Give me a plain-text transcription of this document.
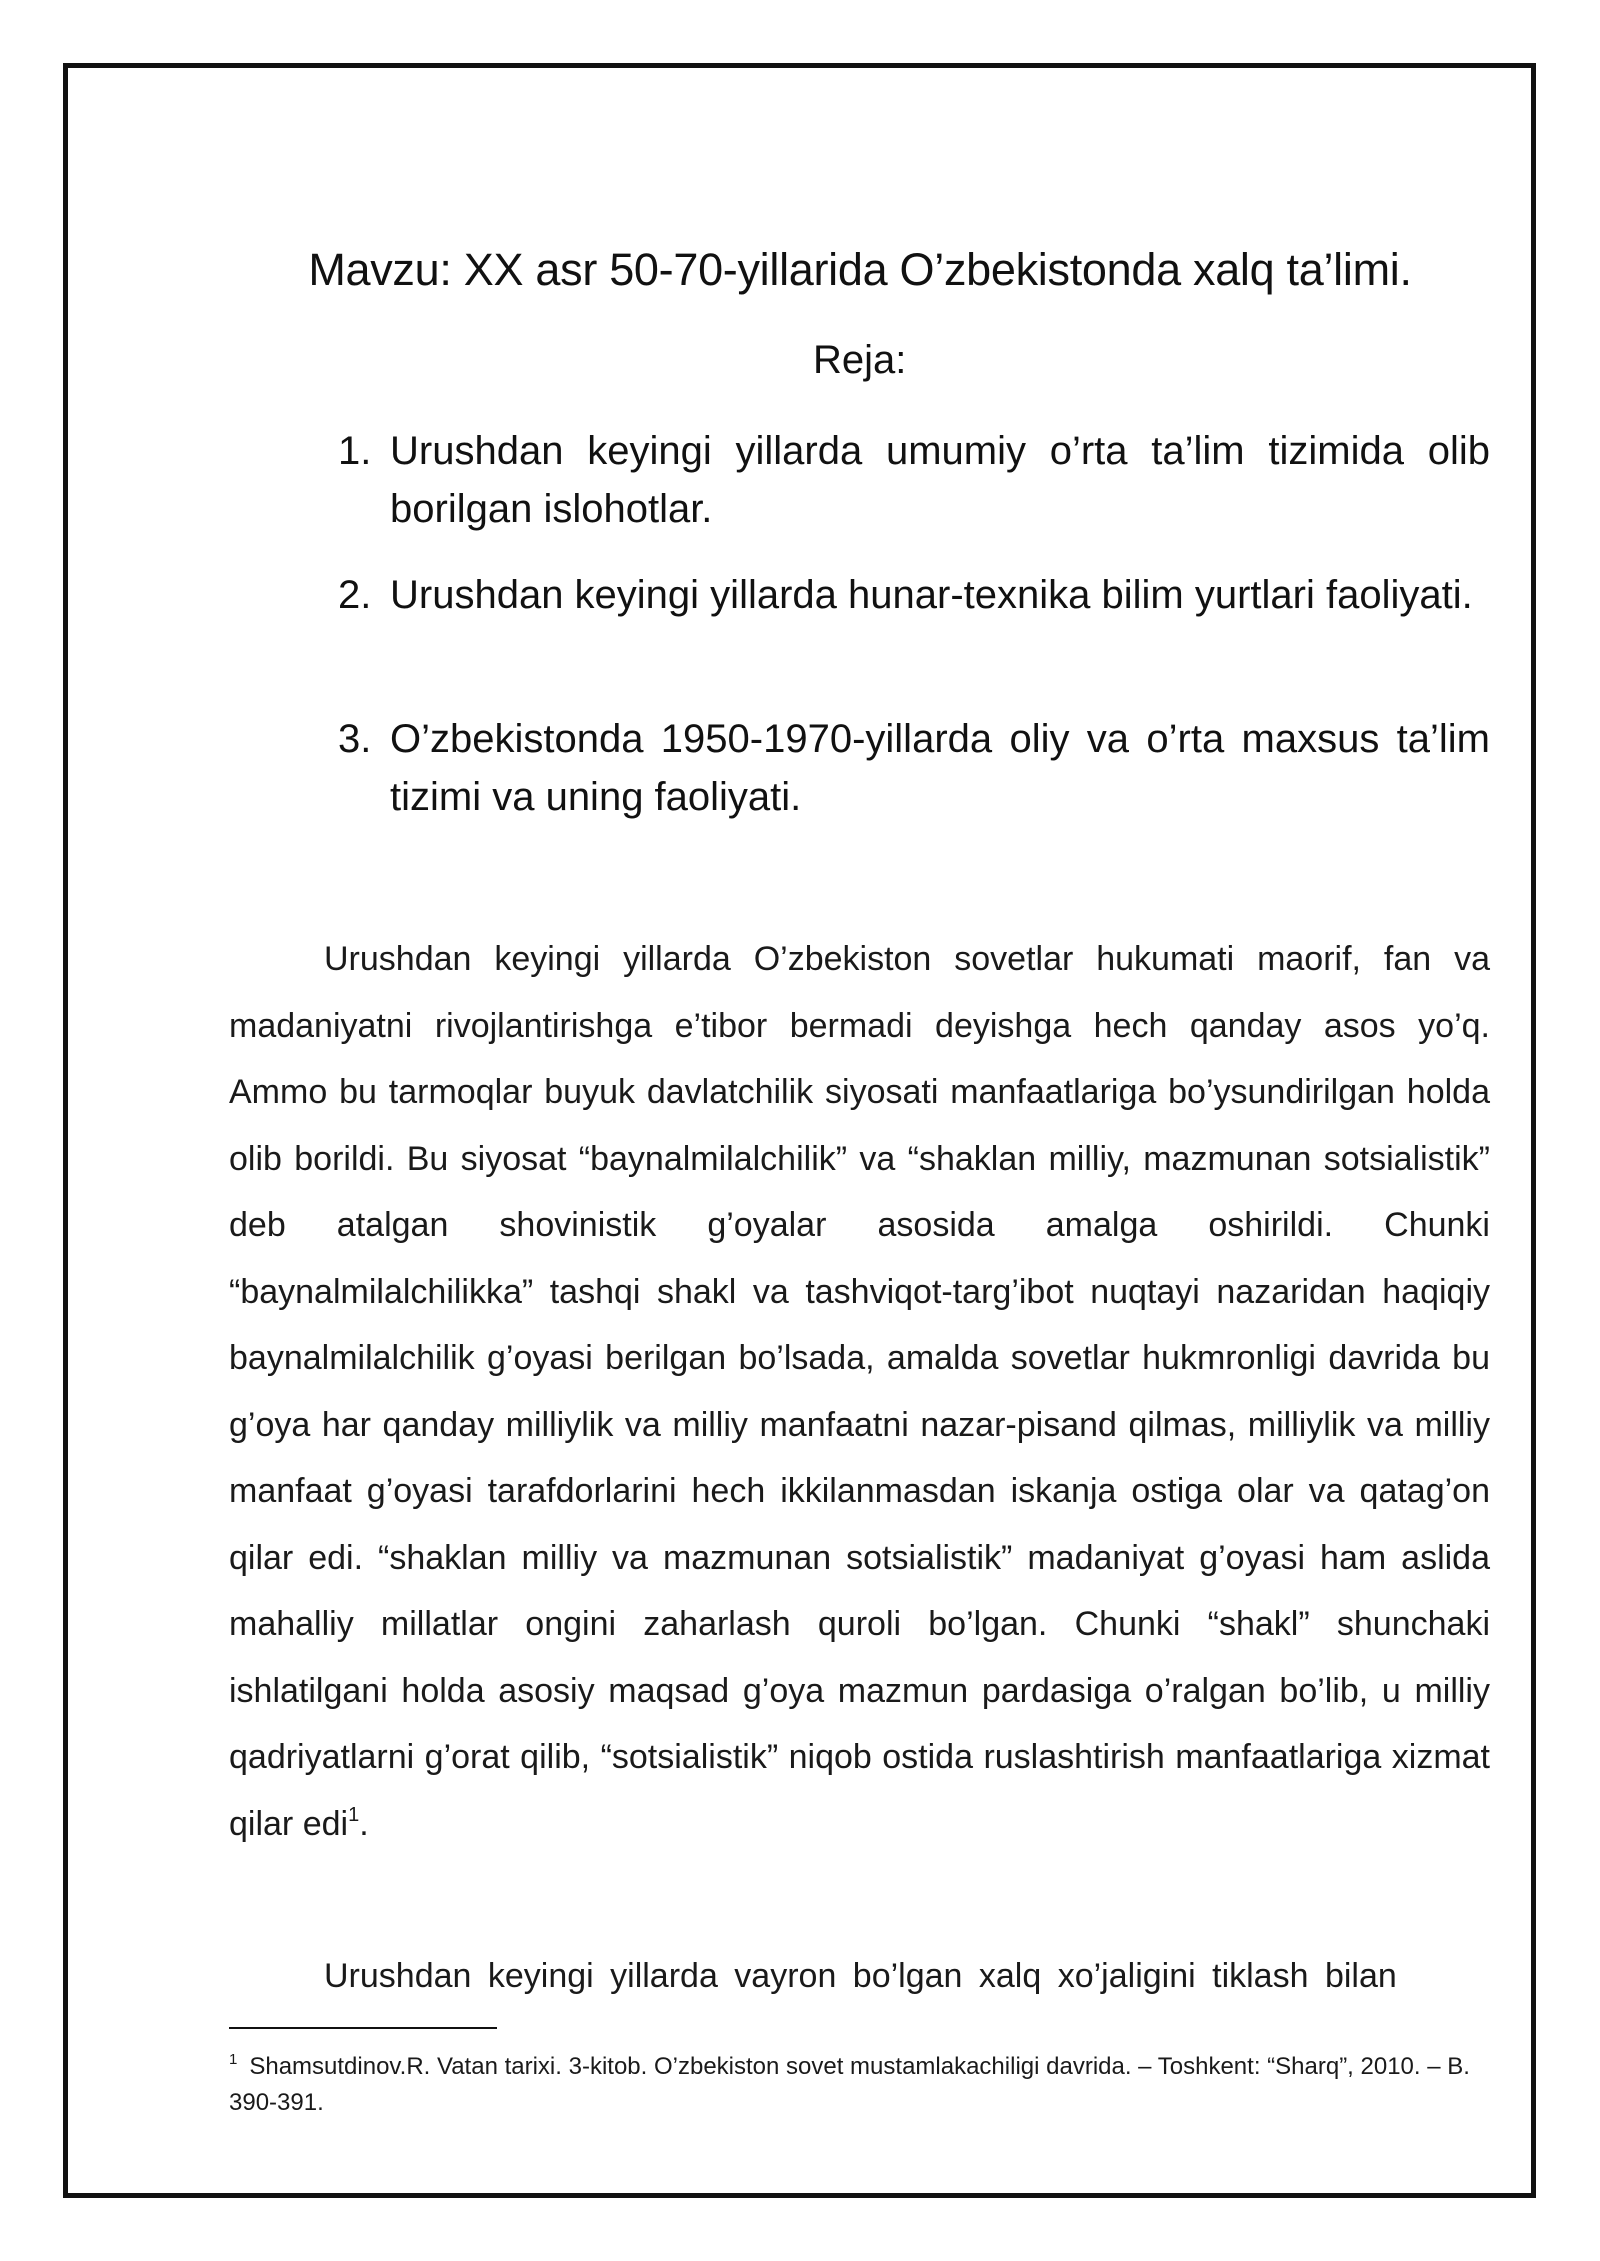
Mavzu: XX asr 50-70-yillarida O’zbekistonda xalq ta’limi.
Reja:
1. Urushdan keyingi yillarda umumiy o’rta ta’lim tizimida olib borilgan islohotlar.
2. Urushdan keyingi yillarda hunar-texnika bilim yurtlari faoliyati.
3. O’zbekistonda 1950-1970-yillarda oliy va o’rta maxsus ta’lim tizimi va uning faoliyati.

Urushdan keyingi yillarda O’zbekiston sovetlar hukumati maorif, fan va madaniyatni rivojlantirishga e’tibor bermadi deyishga hech qanday asos yo’q. Ammo bu tarmoqlar buyuk davlatchilik siyosati manfaatlariga bo’ysundirilgan holda olib borildi. Bu siyosat “baynalmilalchilik” va “shaklan milliy, mazmunan sotsialistik” deb atalgan shovinistik g’oyalar asosida amalga oshirildi. Chunki “baynalmilalchilikka” tashqi shakl va tashviqot-targ’ibot nuqtayi nazaridan haqiqiy baynalmilalchilik g’oyasi berilgan bo’lsada, amalda sovetlar hukmronligi davrida bu g’oya har qanday milliylik va milliy manfaatni nazar-pisand qilmas, milliylik va milliy manfaat g’oyasi tarafdorlarini hech ikkilanmasdan iskanja ostiga olar va qatag’on qilar edi. “shaklan milliy va mazmunan sotsialistik” madaniyat g’oyasi ham aslida mahalliy millatlar ongini zaharlash quroli bo’lgan. Chunki “shakl” shunchaki ishlatilgani holda asosiy maqsad g’oya mazmun pardasiga o’ralgan bo’lib, u milliy qadriyatlarni g’orat qilib, “sotsialistik” niqob ostida ruslashtirish manfaatlariga xizmat qilar edi$^1$.

Urushdan keyingi yillarda vayron bo’lgan xalq xo’jaligini tiklash bilan

$^1$ Shamsutdinov.R. Vatan tarixi. 3-kitob. O’zbekiston sovet mustamlakachiligi davrida. – Toshkent: “Sharq”, 2010. – B. 390-391.
